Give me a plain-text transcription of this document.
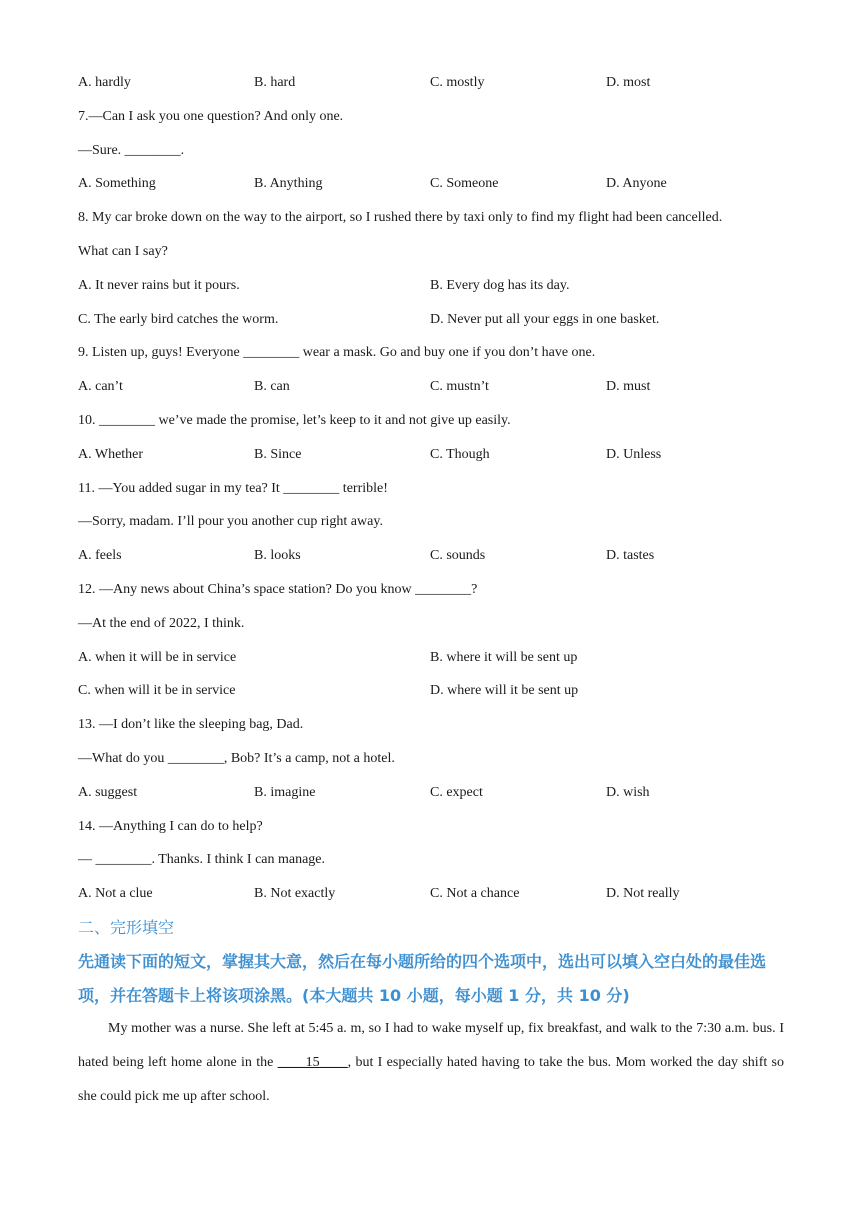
A. hardly	B. hard	C. mostly	D. most
7.—Can I ask you one question? And only one.
—Sure. ________.
A. Something	B. Anything	C. Someone	D. Anyone
8. My car broke down on the way to the airport, so I rushed there by taxi only to find my flight had been cancelled.
What can I say?
A. It never rains but it pours.	B. Every dog has its day.
C. The early bird catches the worm.	D. Never put all your eggs in one basket.
9. Listen up, guys! Everyone ________ wear a mask. Go and buy one if you don’t have one.
A. can’t	B. can	C. mustn’t	D. must
10. ________ we’ve made the promise, let’s keep to it and not give up easily.
A. Whether	B. Since	C. Though	D. Unless
11. —You added sugar in my tea? It ________ terrible!
—Sorry, madam. I’ll pour you another cup right away.
A. feels	B. looks	C. sounds	D. tastes
12. —Any news about China’s space station? Do you know ________?
—At the end of 2022, I think.
A. when it will be in service	B. where it will be sent up
C. when will it be in service	D. where will it be sent up
13. —I don’t like the sleeping bag, Dad.
—What do you ________, Bob? It’s a camp, not a hotel.
A. suggest	B. imagine	C. expect	D. wish
14. —Anything I can do to help?
— ________. Thanks. I think I can manage.
A. Not a clue	B. Not exactly	C. Not a chance	D. Not really
二、完形填空
先通读下面的短文，掌握其大意，然后在每小题所给的四个选项中，选出可以填入空白处的最佳选项，并在答题卡上将该项涂黑。(本大题共 10 小题，每小题 1 分，共 10 分)

My mother was a nurse. She left at 5:45 a. m, so I had to wake myself up, fix breakfast, and walk to the 7:30 a.m. bus. I hated being left home alone in the ____15____, but I especially hated having to take the bus. Mom worked the day shift so she could pick me up after school.
